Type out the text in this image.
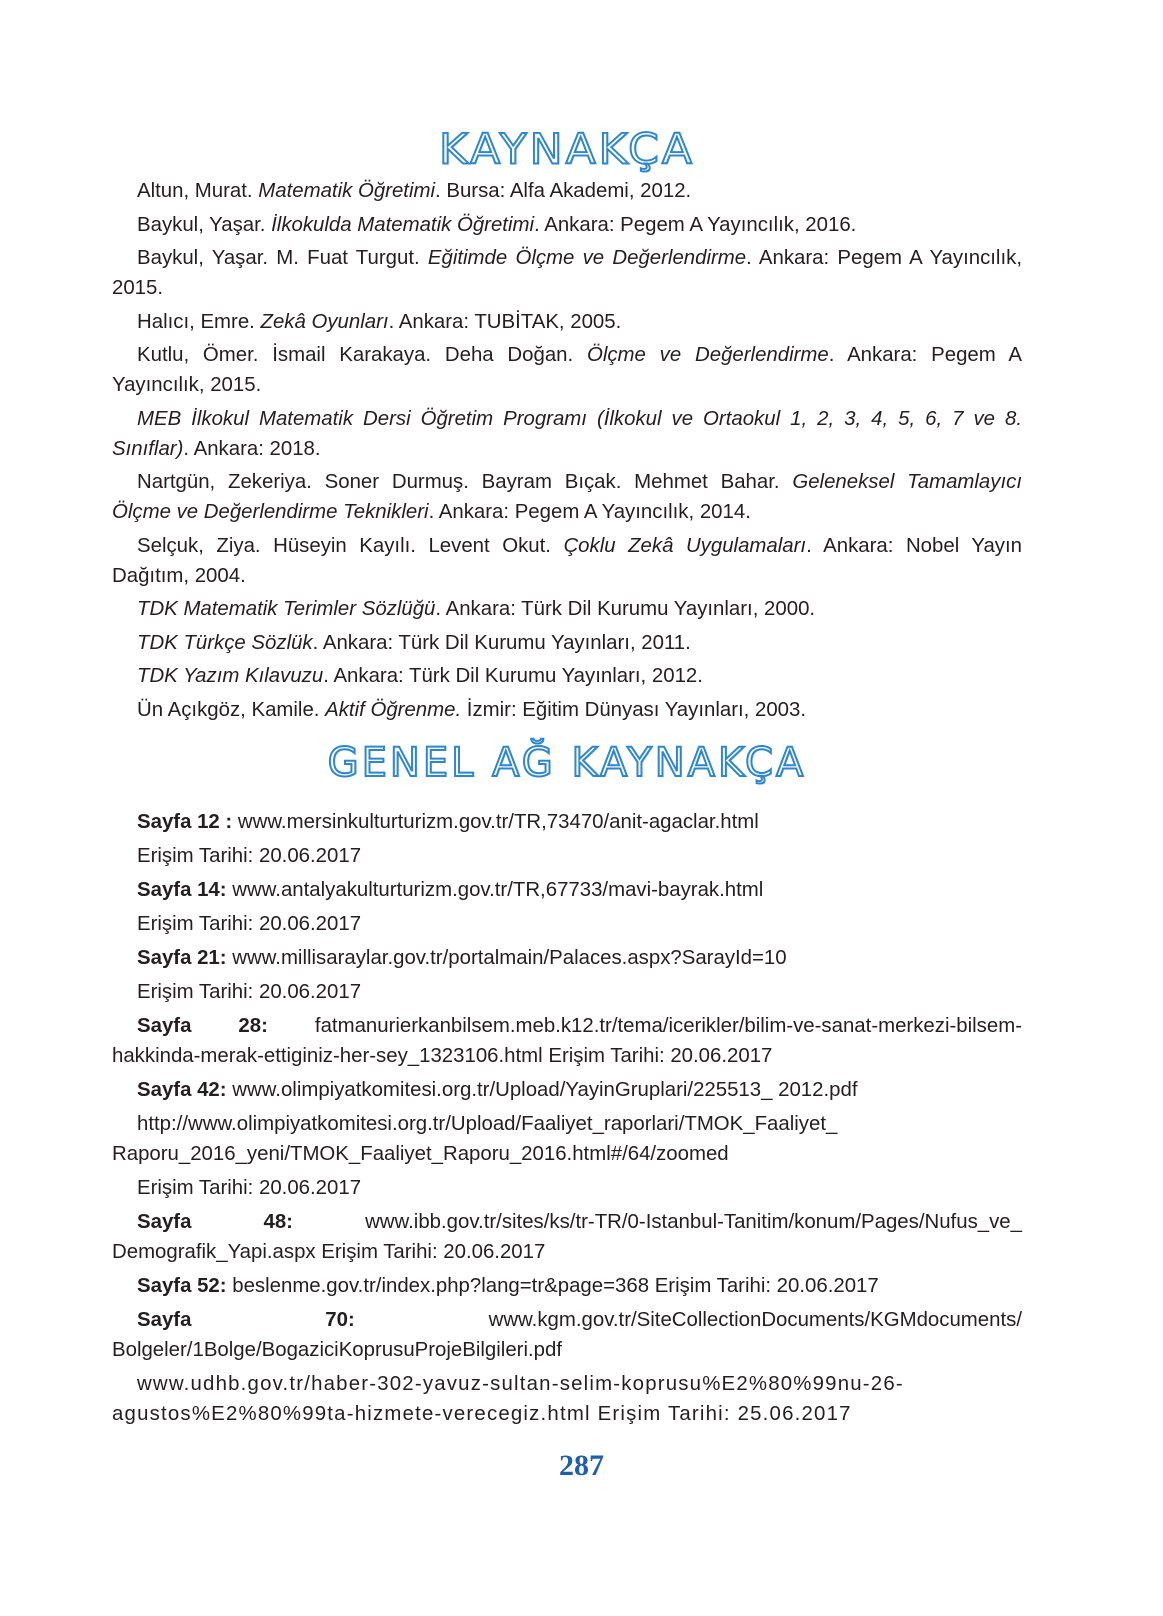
KAYNAKÇA
Altun, Murat. Matematik Öğretimi. Bursa: Alfa Akademi, 2012.
Baykul, Yaşar. İlkokulda Matematik Öğretimi. Ankara: Pegem A Yayıncılık, 2016.
Baykul, Yaşar. M. Fuat Turgut. Eğitimde Ölçme ve Değerlendirme. Ankara: Pegem A Yayıncılık, 2015.
Halıcı, Emre. Zekâ Oyunları. Ankara: TUBİTAK, 2005.
Kutlu, Ömer. İsmail Karakaya. Deha Doğan. Ölçme ve Değerlendirme. Ankara: Pegem A Yayıncılık, 2015.
MEB İlkokul Matematik Dersi Öğretim Programı (İlkokul ve Ortaokul 1, 2, 3, 4, 5, 6, 7 ve 8. Sınıflar). Ankara: 2018.
Nartgün, Zekeriya. Soner Durmuş. Bayram Bıçak. Mehmet Bahar. Geleneksel Tamamlayıcı Ölçme ve Değerlendirme Teknikleri. Ankara: Pegem A Yayıncılık, 2014.
Selçuk, Ziya. Hüseyin Kayılı. Levent Okut. Çoklu Zekâ Uygulamaları. Ankara: Nobel Yayın Dağıtım, 2004.
TDK Matematik Terimler Sözlüğü. Ankara: Türk Dil Kurumu Yayınları, 2000.
TDK Türkçe Sözlük. Ankara: Türk Dil Kurumu Yayınları, 2011.
TDK Yazım Kılavuzu. Ankara: Türk Dil Kurumu Yayınları, 2012.
Ün Açıkgöz, Kamile. Aktif Öğrenme. İzmir: Eğitim Dünyası Yayınları, 2003.
GENEL AĞ KAYNAKÇA
Sayfa 12 : www.mersinkulturturizm.gov.tr/TR,73470/anit-agaclar.html
Erişim Tarihi: 20.06.2017
Sayfa 14: www.antalyakulturturizm.gov.tr/TR,67733/mavi-bayrak.html
Erişim Tarihi: 20.06.2017
Sayfa 21: www.millisaraylar.gov.tr/portalmain/Palaces.aspx?SarayId=10
Erişim Tarihi: 20.06.2017
Sayfa 28: fatmanurierkanbilsem.meb.k12.tr/tema/icerikler/bilim-ve-sanat-merkezi-bilsem-hakkinda-merak-ettiginiz-her-sey_1323106.html Erişim Tarihi: 20.06.2017
Sayfa 42: www.olimpiyatkomitesi.org.tr/Upload/YayinGruplari/225513_ 2012.pdf
http://www.olimpiyatkomitesi.org.tr/Upload/Faaliyet_raporlari/TMOK_Faaliyet_ Raporu_2016_yeni/TMOK_Faaliyet_Raporu_2016.html#/64/zoomed
Erişim Tarihi: 20.06.2017
Sayfa 48: www.ibb.gov.tr/sites/ks/tr-TR/0-Istanbul-Tanitim/konum/Pages/Nufus_ve_ Demografik_Yapi.aspx Erişim Tarihi: 20.06.2017
Sayfa 52: beslenme.gov.tr/index.php?lang=tr&page=368 Erişim Tarihi: 20.06.2017
Sayfa 70: www.kgm.gov.tr/SiteCollectionDocuments/KGMdocuments/ Bolgeler/1Bolge/BogaziciKoprusuProjeBilgileri.pdf
www.udhb.gov.tr/haber-302-yavuz-sultan-selim-koprusu%E2%80%99nu-26-agustos%E2%80%99ta-hizmete-verecegiz.html Erişim Tarihi: 25.06.2017
287
